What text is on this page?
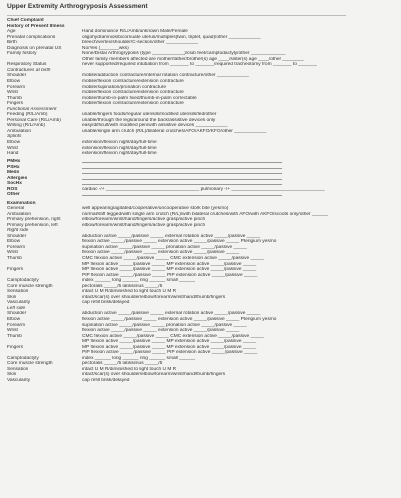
Upper Extremity Arthrogryposis Assessment
Chief Complaint
History of Present Illness
Age	Hand dominance R/L/Amb/unknown Male/Female
Prenatal complications	oligohydramnios/bicornuate uterus/multiples(twin, triplet, quad)/other ____________
Birth	breech/vertex/shoulder/C-section/other ____________
Diagnosis on prenatal US	No/Yes (_______wks)
Family history	None/Distal Arthrogryposis (type ____________)/club feet/camptodactyly/other _____________
Other family members affected are mother/father/brother(s) age ____/sister(s) age ____/other ________
Respiratory Status	never supported/required intubation from _______ to _______/required tracheotomy from _______ to _______
Contractures at birth
Shoulder	mobile/adduction contracture/internal rotation contracture/other ____________
Elbow	mobile/flexion contracture/extension contracture
Forearm	mobile/supination/pronation contracture
Wrist	mobile/flexion contracture/extension contracture
Thumb	mobile/thumb-in-palm fixed/thumb-in-palm correctable
Fingers	mobile/flexion contracture/extension contracture
Functional Assessment
Feeding (R/L/Amb)	unable/fingers foods/regular utensils/modified utensils/fed/other
Personal Care (R/L/Amb)	unable/through the legs/around the back/assistive devices only
Writing (R/L/Amb)	easy/difficult/with modified pen/with assistive devices ____________
Ambulation	unable/single arm crutch (R/L)/bilateral crutches/AFO/AKFO/KFO/other ____________
Splints
Elbow	extension/flexion night/day/full-time
Wrist	extension/flexion night/day/full-time
Hand	extension/flexion night/day/full-time
PMHx
PSHx
Meds
Allergies
SocHx
ROS	cardiac -/+ ___________________________________ pulmonary -/+ ___________________________________
Other
Examination
General	well appearing/agitated/cooperative/uncooperative stork bite (yes/no)
Ambulation	normal/stiff legged/with single arm crutch (R/L)/with bilateral crutches/with AFO/with AKFO/scoots only/other ______
Primary prehension, right	elbow/forearm/wrist/hand/fingers/active grasp/active pinch
Primary prehension, left	elbow/forearm/wrist/hand/fingers/active grasp/active pinch
Right side
Shoulder	abduction active _____/passive _____ external rotation active _____/passive _____
Elbow	flexion active _____/passive _____ extension active _____/passive _____ Pterigium yes/no
Forearm	supination active _____/passive _____ pronation active _____/passive _____
Wrist	flexion active _____/passive _____ extension active _____/passive _____
Thumb	CMC flexion active _____/passive _____ CMC extension active _____/passive _____
MP flexion active _____/passive _____ MP extension active _____/passive _____
Fingers	MP flexion active _____/passive _____ MP extension active _____/passive _____
PIP flexion active _____/passive _____ PIP extension active _____/passive _____
Camptodactyly	index ______ long ______ ring ______ small ______
Core muscle strength	pectoralis _____/5 latissimus _____/5
Sensation	intact U M R/diminished to light touch U M R
Skin	intact/scar(s) over shoulder/elbow/forearm/wrist/hand/thumb/fingers
Vascularity	cap refill brisk/delayed
Left side
Shoulder	abduction active _____/passive _____ external rotation active _____/passive _____
Elbow	flexion active _____/passive _____ extension active _____/passive _____ Pterigium yes/no
Forearm	supination active _____/passive _____ pronation active _____/passive _____
Wrist	flexion active _____/passive _____ extension active _____/passive _____
Thumb	CMC flexion active _____/passive _____ CMC extension active _____/passive _____
MP flexion active _____/passive _____ MP extension active _____/passive _____
Fingers	MP flexion active _____/passive _____ MP extension active _____/passive _____
PIP flexion active _____/passive _____ PIP extension active _____/passive _____
Camptodactyly	index ______ long ______ ring ______ small ______
Core muscle strength	pectoralis _____/5 latissimus _____/5
Sensation	intact U M R/diminished to light touch U M R
Skin	intact/scar(s) over shoulder/elbow/forearm/wrist/hand/thumb/fingers
Vascularity	cap refill brisk/delayed
